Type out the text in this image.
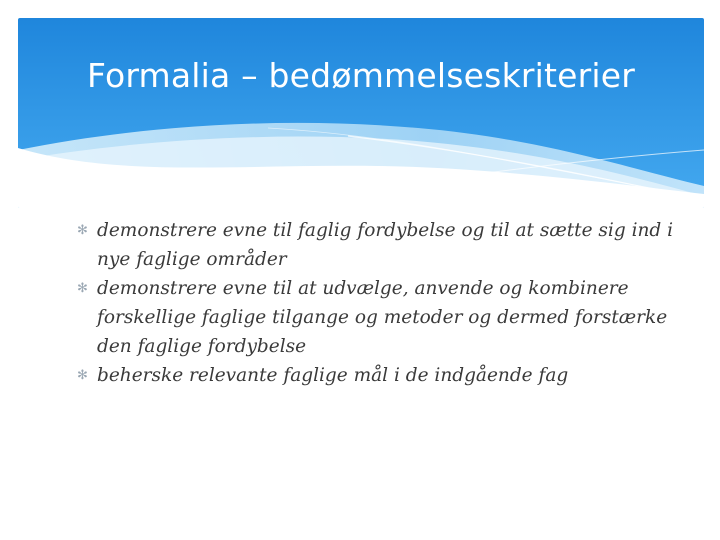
Formalia – bedømmelseskriterier
✻ demonstrere evne til faglig fordybelse og til at sætte sig ind i nye faglige områder
✻ demonstrere evne til at udvælge, anvende og kombinere forskellige faglige tilgange og metoder og dermed forstærke den faglige fordybelse
✻ beherske relevante faglige mål i de indgående fag
